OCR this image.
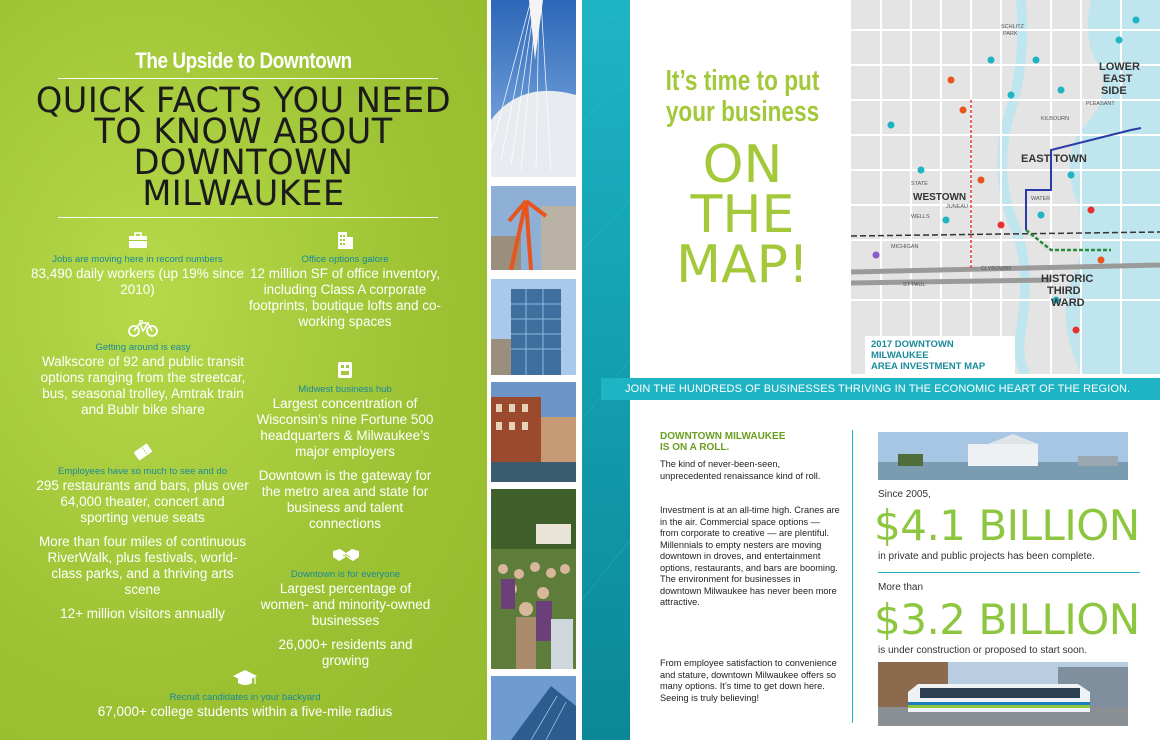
The Upside to Downtown
QUICK FACTS YOU NEED TO KNOW ABOUT DOWNTOWN MILWAUKEE
Jobs are moving here in record numbers
83,490 daily workers (up 19% since 2010)
Office options galore
12 million SF of office inventory, including Class A corporate footprints, boutique lofts and co-working spaces
Getting around is easy
Walkscore of 92 and public transit options ranging from the streetcar, bus, seasonal trolley, Amtrak train and Bublr bike share
Midwest business hub
Largest concentration of Wisconsin’s nine Fortune 500 headquarters & Milwaukee’s major employers
Downtown is the gateway for the metro area and state for business and talent connections
Employees have so much to see and do
295 restaurants and bars, plus over 64,000 theater, concert and sporting venue seats
More than four miles of continuous RiverWalk, plus festivals, world-class parks, and a thriving arts scene
12+ million visitors annually
Downtown is for everyone
Largest percentage of women- and minority-owned businesses
26,000+ residents and growing
Recruit candidates in your backyard
67,000+ college students within a five-mile radius
It’s time to put
your business
ON
THE
MAP!
LOWER
EAST
SIDE
EAST TOWN
WESTOWN
HISTORIC
THIRD
WARD
SCHLITZ
PARK
STATE
WELLS
MICHIGAN
CLYBOURN
ST PAUL
JUNEAU
KILBOURN
PLEASANT
WATER
2017 DOWNTOWN MILWAUKEE
AREA INVESTMENT MAP
JOIN THE HUNDREDS OF BUSINESSES THRIVING IN THE ECONOMIC HEART OF THE REGION.
DOWNTOWN MILWAUKEE
IS ON A ROLL.
The kind of never-been-seen, unprecedented renaissance kind of roll.
Investment is at an all-time high. Cranes are in the air. Commercial space options — from corporate to creative — are plentiful. Millennials to empty nesters are moving downtown in droves, and entertainment options, restaurants, and bars are booming. The environment for businesses in downtown Milwaukee has never been more attractive.
From employee satisfaction to convenience and stature, downtown Milwaukee offers so many options. It’s time to get down here. Seeing is truly believing!
Since 2005,
$4.1 BILLION
in private and public projects has been complete.
More than
$3.2 BILLION
is under construction or proposed to start soon.
